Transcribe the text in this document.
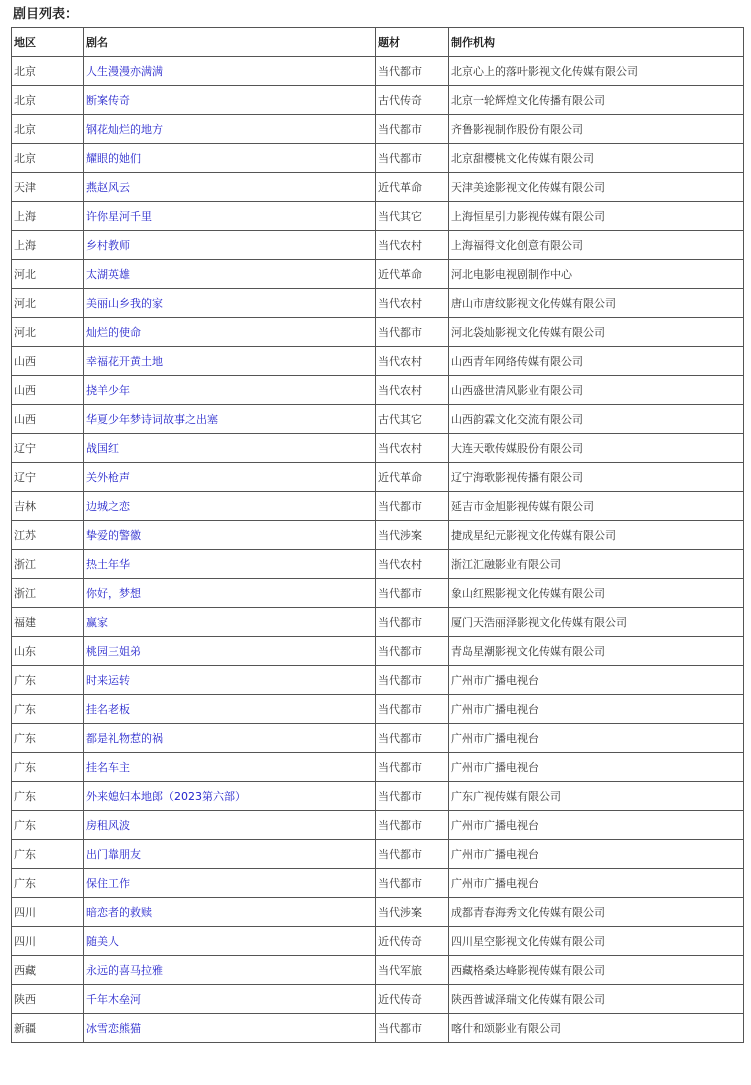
剧目列表：
地区	剧名	题材	制作机构
北京	人生漫漫亦满满	当代都市	北京心上的落叶影视文化传媒有限公司
北京	断案传奇	古代传奇	北京一轮辉煌文化传播有限公司
北京	钢花灿烂的地方	当代都市	齐鲁影视制作股份有限公司
北京	耀眼的她们	当代都市	北京甜樱桃文化传媒有限公司
天津	燕赵风云	近代革命	天津美途影视文化传媒有限公司
上海	许你星河千里	当代其它	上海恒星引力影视传媒有限公司
上海	乡村教师	当代农村	上海福得文化创意有限公司
河北	太湖英雄	近代革命	河北电影电视剧制作中心
河北	美丽山乡我的家	当代农村	唐山市唐纹影视文化传媒有限公司
河北	灿烂的使命	当代都市	河北袋灿影视文化传媒有限公司
山西	幸福花开黄土地	当代农村	山西青年网络传媒有限公司
山西	挠羊少年	当代农村	山西盛世清风影业有限公司
山西	华夏少年梦诗词故事之出塞	古代其它	山西韵霖文化交流有限公司
辽宁	战国红	当代农村	大连天歌传媒股份有限公司
辽宁	关外枪声	近代革命	辽宁海歌影视传播有限公司
吉林	边城之恋	当代都市	延吉市金旭影视传媒有限公司
江苏	挚爱的警徽	当代涉案	捷成星纪元影视文化传媒有限公司
浙江	热土年华	当代农村	浙江汇融影业有限公司
浙江	你好，梦想	当代都市	象山红熙影视文化传媒有限公司
福建	赢家	当代都市	厦门天浩丽泽影视文化传媒有限公司
山东	桃园三姐弟	当代都市	青岛星潮影视文化传媒有限公司
广东	时来运转	当代都市	广州市广播电视台
广东	挂名老板	当代都市	广州市广播电视台
广东	都是礼物惹的祸	当代都市	广州市广播电视台
广东	挂名车主	当代都市	广州市广播电视台
广东	外来媳妇本地郎（2023第六部）	当代都市	广东广视传媒有限公司
广东	房租风波	当代都市	广州市广播电视台
广东	出门靠朋友	当代都市	广州市广播电视台
广东	保住工作	当代都市	广州市广播电视台
四川	暗恋者的救赎	当代涉案	成都青春海秀文化传媒有限公司
四川	随美人	近代传奇	四川星空影视文化传媒有限公司
西藏	永远的喜马拉雅	当代军旅	西藏格桑达峰影视传媒有限公司
陕西	千年木垒河	近代传奇	陕西普诚泽瑞文化传媒有限公司
新疆	冰雪恋熊猫	当代都市	喀什和颂影业有限公司
